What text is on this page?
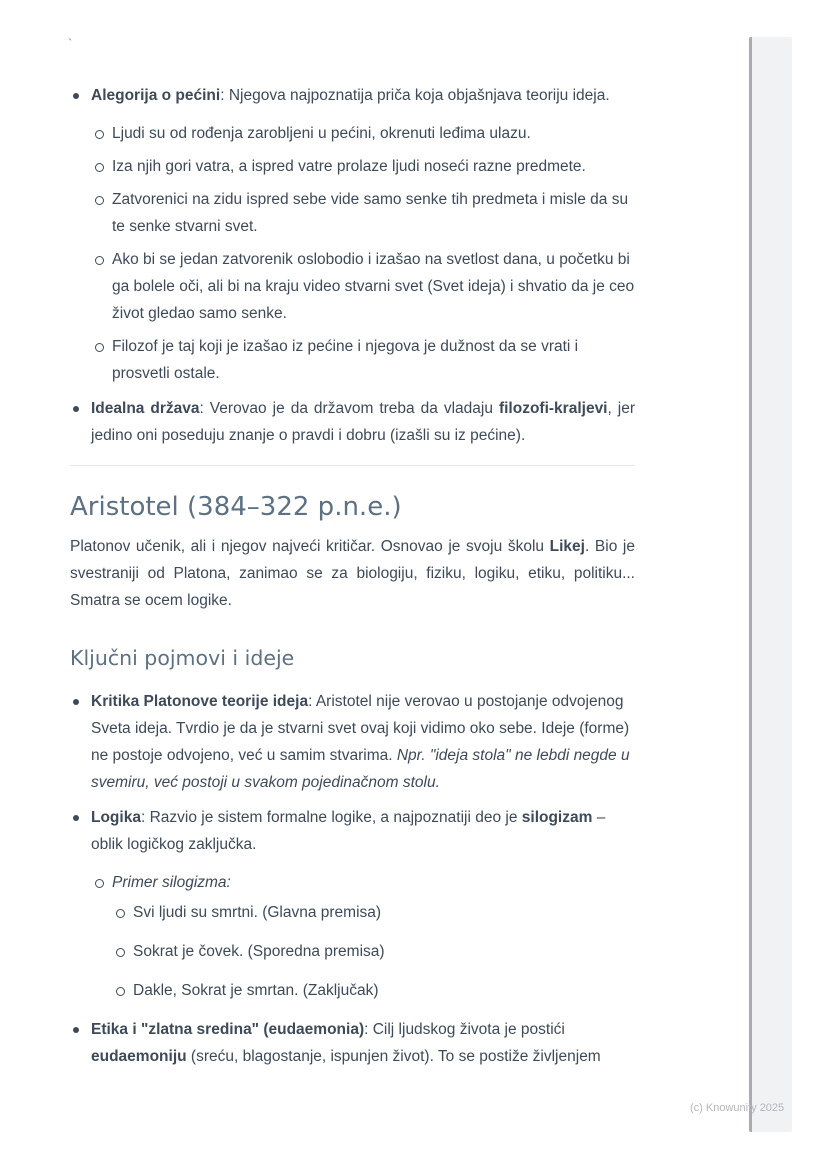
`
Alegorija o pećini: Njegova najpoznatija priča koja objašnjava teoriju ideja.
Ljudi su od rođenja zarobljeni u pećini, okrenuti leđima ulazu.
Iza njih gori vatra, a ispred vatre prolaze ljudi noseći razne predmete.
Zatvorenici na zidu ispred sebe vide samo senke tih predmeta i misle da su te senke stvarni svet.
Ako bi se jedan zatvorenik oslobodio i izašao na svetlost dana, u početku bi ga bolele oči, ali bi na kraju video stvarni svet (Svet ideja) i shvatio da je ceo život gledao samo senke.
Filozof je taj koji je izašao iz pećine i njegova je dužnost da se vrati i prosvetli ostale.
Idealna država: Verovao je da državom treba da vladaju filozofi-kraljevi, jer jedino oni poseduju znanje o pravdi i dobru (izašli su iz pećine).
Aristotel (384–322 p.n.e.)

Platonov učenik, ali i njegov najveći kritičar. Osnovao je svoju školu Likej. Bio je svestraniji od Platona, zanimao se za biologiju, fiziku, logiku, etiku, politiku... Smatra se ocem logike.

Ključni pojmovi i ideje
Kritika Platonove teorije ideja: Aristotel nije verovao u postojanje odvojenog Sveta ideja. Tvrdio je da je stvarni svet ovaj koji vidimo oko sebe. Ideje (forme) ne postoje odvojeno, već u samim stvarima. Npr. "ideja stola" ne lebdi negde u svemiru, već postoji u svakom pojedinačnom stolu.
Logika: Razvio je sistem formalne logike, a najpoznatiji deo je silogizam – oblik logičkog zaključka.
Primer silogizma:
Svi ljudi su smrtni. (Glavna premisa)
Sokrat je čovek. (Sporedna premisa)
Dakle, Sokrat je smrtan. (Zaključak)
Etika i "zlatna sredina" (eudaemonia): Cilj ljudskog života je postići eudaemoniju (sreću, blagostanje, ispunjen život). To se postiže življenjem
(c) Knowunity 2025
